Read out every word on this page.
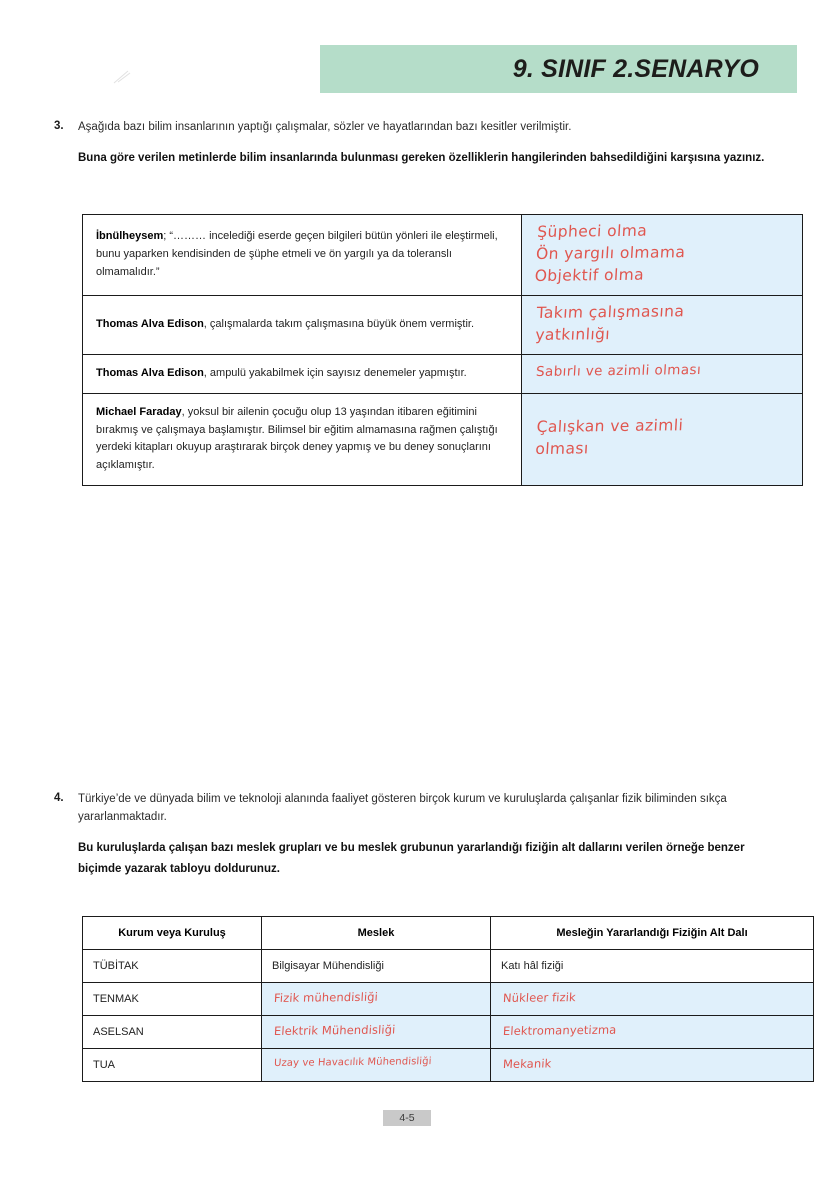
9. SINIF 2.SENARYO
3.	Aşağıda bazı bilim insanlarının yaptığı çalışmalar, sözler ve hayatlarından bazı kesitler verilmiştir.
Buna göre verilen metinlerde bilim insanlarında bulunması gereken özelliklerin hangilerinden bahsedildiğini karşısına yazınız.
İbnülheysem; “……… incelediği eserde geçen bilgileri bütün yönleri ile eleştirmeli, bunu yaparken kendisinden de şüphe etmeli ve ön yargılı ya da toleranslı olmamalıdır.”	Şüpheci olma
Ön yargılı olmama
Objektif olma

Thomas Alva Edison, çalışmalarda takım çalışmasına büyük önem vermiştir.	Takım çalışmasına
yatkınlığı

Thomas Alva Edison, ampulü yakabilmek için sayısız denemeler yapmıştır.	Sabırlı ve azimli olması

Michael Faraday, yoksul bir ailenin çocuğu olup 13 yaşından itibaren eğitimini bırakmış ve çalışmaya başlamıştır. Bilimsel bir eğitim almamasına rağmen çalıştığı yerdeki kitapları okuyup araştırarak birçok deney yapmış ve bu deney sonuçlarını açıklamıştır.	Çalışkan ve azimli
olması
4.	Türkiye’de ve dünyada bilim ve teknoloji alanında faaliyet gösteren birçok kurum ve kuruluşlarda çalışanlar fizik biliminden sıkça yararlanmaktadır.
Bu kuruluşlarda çalışan bazı meslek grupları ve bu meslek grubunun yararlandığı fiziğin alt dallarını verilen örneğe benzer biçimde yazarak tabloyu doldurunuz.
Kurum veya Kuruluş	Meslek	Mesleğin Yararlandığı Fiziğin Alt Dalı
TÜBİTAK	Bilgisayar Mühendisliği	Katı hâl fiziği
TENMAK	Fizik mühendisliği	Nükleer fizik

ASELSAN	Elektrik Mühendisliği	Elektromanyetizma

TUA	Uzay ve Havacılık Mühendisliği	Mekanik
4-5
